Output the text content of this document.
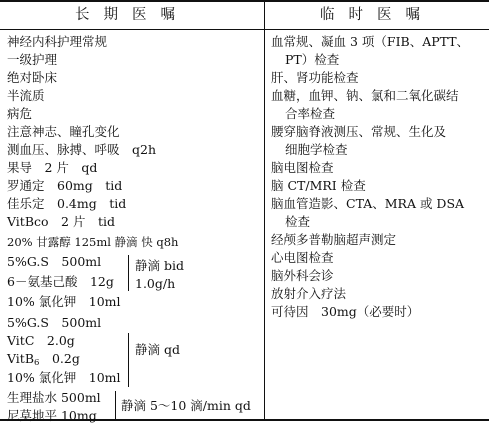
长期医嘱	临时医嘱
神经内科护理常规
一级护理
绝对卧床
半流质
病危
注意神志、瞳孔变化
测血压、脉搏、呼吸　q2h
果导　2 片　qd
罗通定　60mg　tid
佳乐定　0.4mg　tid
VitBco　2 片　tid
20% 甘露醇 125ml 静滴 快 q8h
5%G.S　500ml
6－氨基己酸　12g
10% 氯化钾　10ml
静滴 bid
1.0g/h
5%G.S　500ml
VitC　2.0g
VitB$_6$　0.2g
10% 氯化钾　10ml
静滴 qd
生理盐水 500ml
尼莫地平 10mg
静滴 5～10 滴/min qd
血常规、凝血 3 项（FIB、APTT、
PT）检查
肝、肾功能检查
血糖，血钾、钠、氯和二氧化碳结
合率检查
腰穿脑脊液测压、常规、生化及
细胞学检查
脑电图检查
脑 CT/MRI 检查
脑血管造影、CTA、MRA 或 DSA
检查
经颅多普勒脑超声测定
心电图检查
脑外科会诊
放射介入疗法
可待因　30mg（必要时）
